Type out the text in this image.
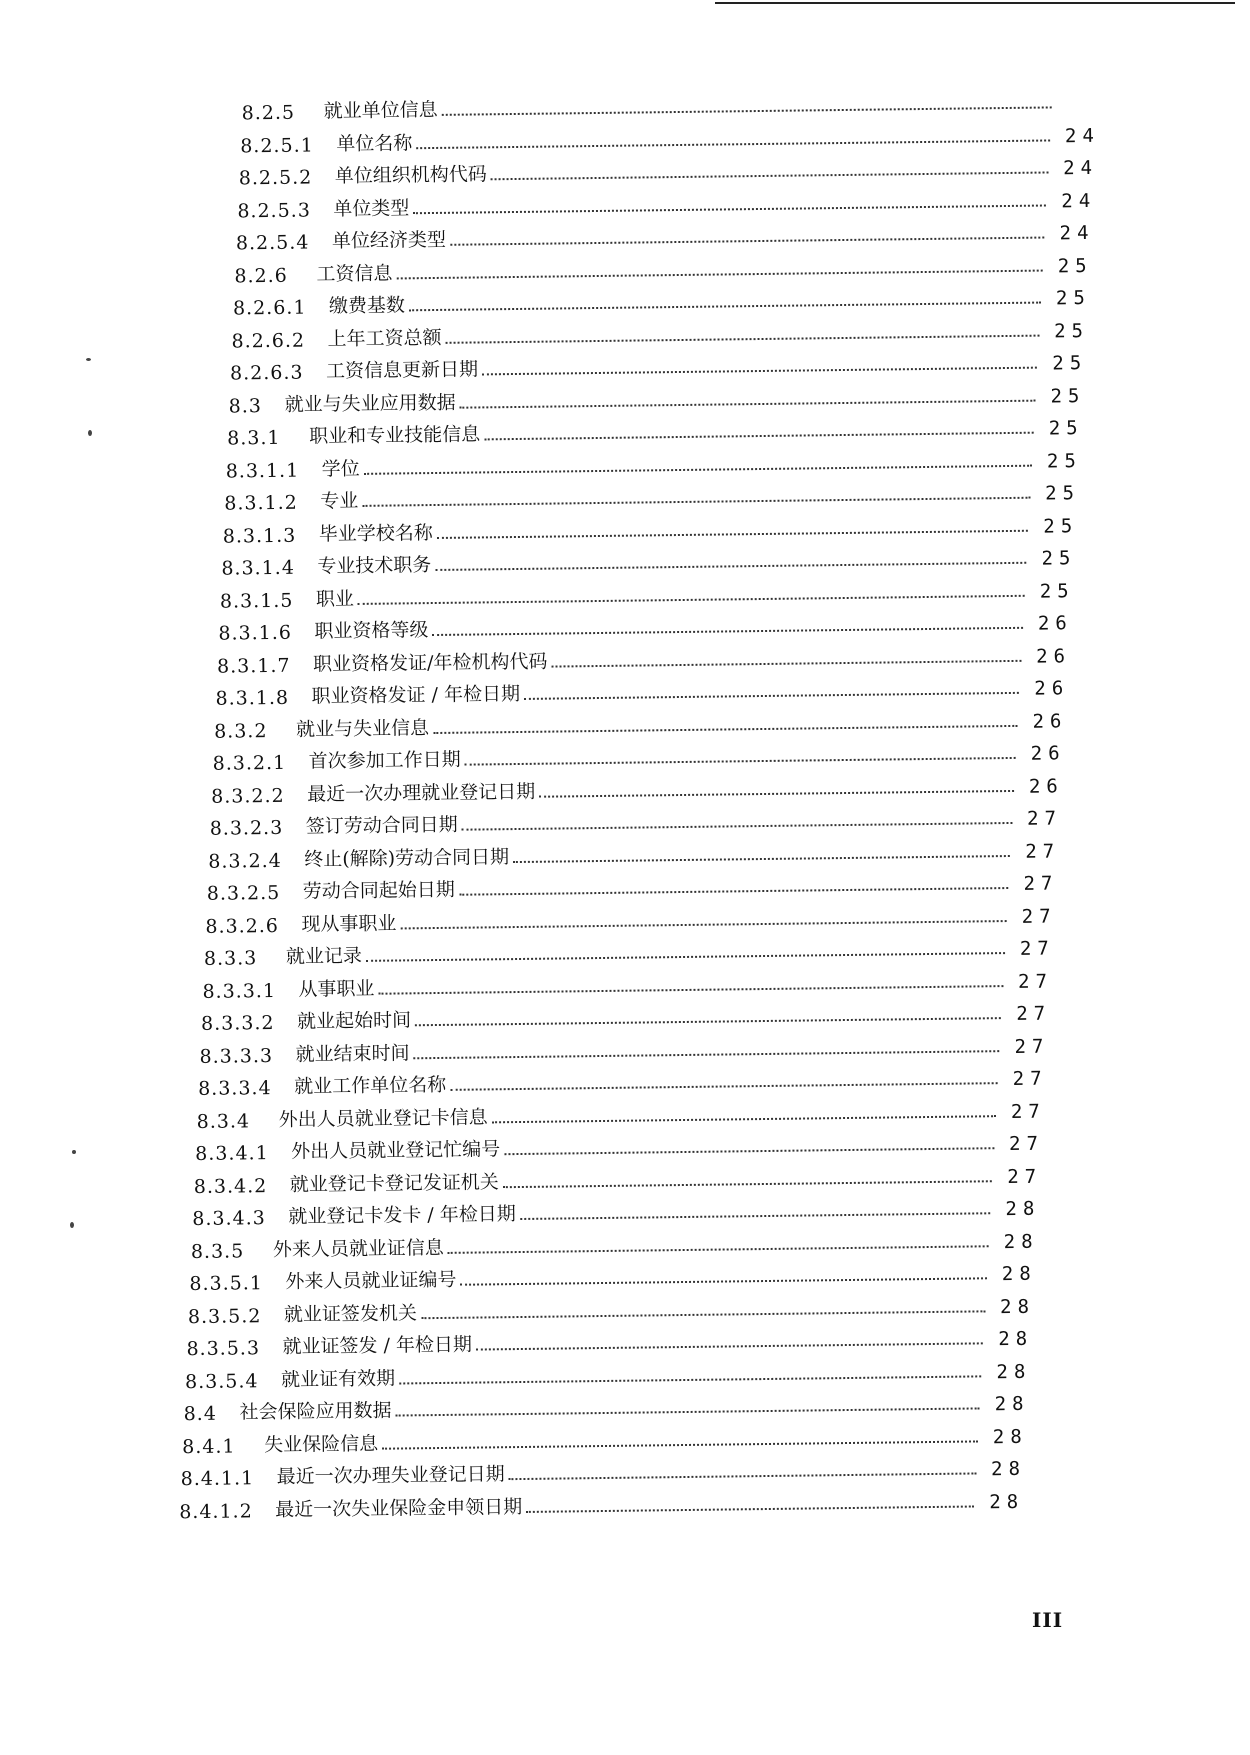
8.2.5	就业单位信息
8.2.5.1	单位名称	24
8.2.5.2	单位组织机构代码	24
8.2.5.3	单位类型	24
8.2.5.4	单位经济类型	24
8.2.6	工资信息	25
8.2.6.1	缴费基数	25
8.2.6.2	上年工资总额	25
8.2.6.3	工资信息更新日期	25
8.3	就业与失业应用数据	25
8.3.1	职业和专业技能信息	25
8.3.1.1	学位	25
8.3.1.2	专业	25
8.3.1.3	毕业学校名称	25
8.3.1.4	专业技术职务	25
8.3.1.5	职业	25
8.3.1.6	职业资格等级	26
8.3.1.7	职业资格发证/年检机构代码	26
8.3.1.8	职业资格发证 / 年检日期	26
8.3.2	就业与失业信息	26
8.3.2.1	首次参加工作日期	26
8.3.2.2	最近一次办理就业登记日期	26
8.3.2.3	签订劳动合同日期	27
8.3.2.4	终止(解除)劳动合同日期	27
8.3.2.5	劳动合同起始日期	27
8.3.2.6	现从事职业	27
8.3.3	就业记录	27
8.3.3.1	从事职业	27
8.3.3.2	就业起始时间	27
8.3.3.3	就业结束时间	27
8.3.3.4	就业工作单位名称	27
8.3.4	外出人员就业登记卡信息	27
8.3.4.1	外出人员就业登记忙编号	27
8.3.4.2	就业登记卡登记发证机关	27
8.3.4.3	就业登记卡发卡 / 年检日期	28
8.3.5	外来人员就业证信息	28
8.3.5.1	外来人员就业证编号	28
8.3.5.2	就业证签发机关	28
8.3.5.3	就业证签发 / 年检日期	28
8.3.5.4	就业证有效期	28
8.4	社会保险应用数据	28
8.4.1	失业保险信息	28
8.4.1.1	最近一次办理失业登记日期	28
8.4.1.2	最近一次失业保险金申领日期	28
III
